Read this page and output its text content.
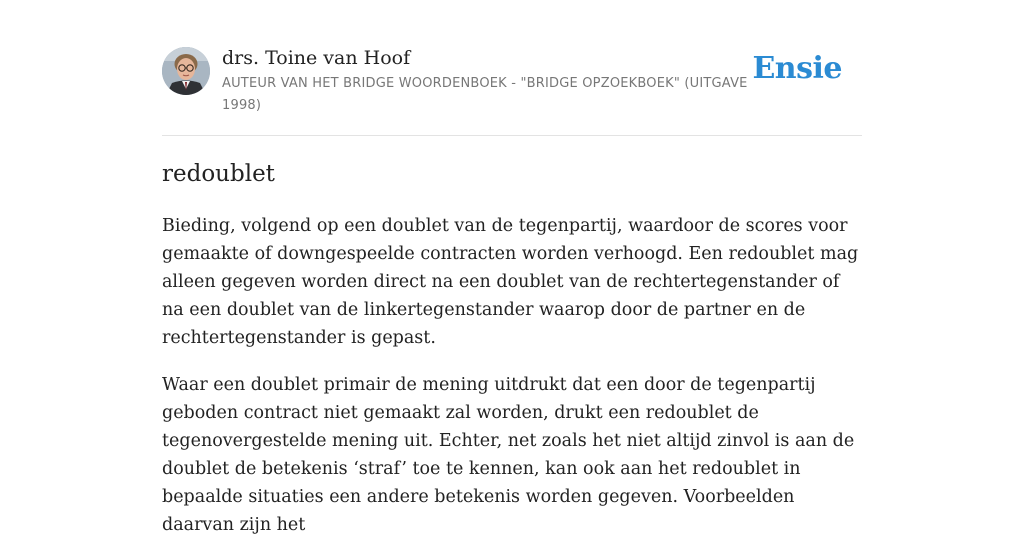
drs. Toine van Hoof
AUTEUR VAN HET BRIDGE WOORDENBOEK - "BRIDGE OPZOEKBOEK" (UITGAVE 1998)
Ensie
redoublet

Bieding, volgend op een doublet van de tegenpartij, waardoor de scores voor gemaakte of downgespeelde contracten worden verhoogd. Een redoublet mag alleen gegeven worden direct na een doublet van de rechtertegenstander of na een doublet van de linkertegenstander waarop door de partner en de rechtertegenstander is gepast.

Waar een doublet primair de mening uitdrukt dat een door de tegenpartij geboden contract niet gemaakt zal worden, drukt een redoublet de tegenovergestelde mening uit. Echter, net zoals het niet altijd zinvol is aan de doublet de betekenis ‘straf’ toe te kennen, kan ook aan het redoublet in bepaalde situaties een andere betekenis worden gegeven. Voorbeelden daarvan zijn het
